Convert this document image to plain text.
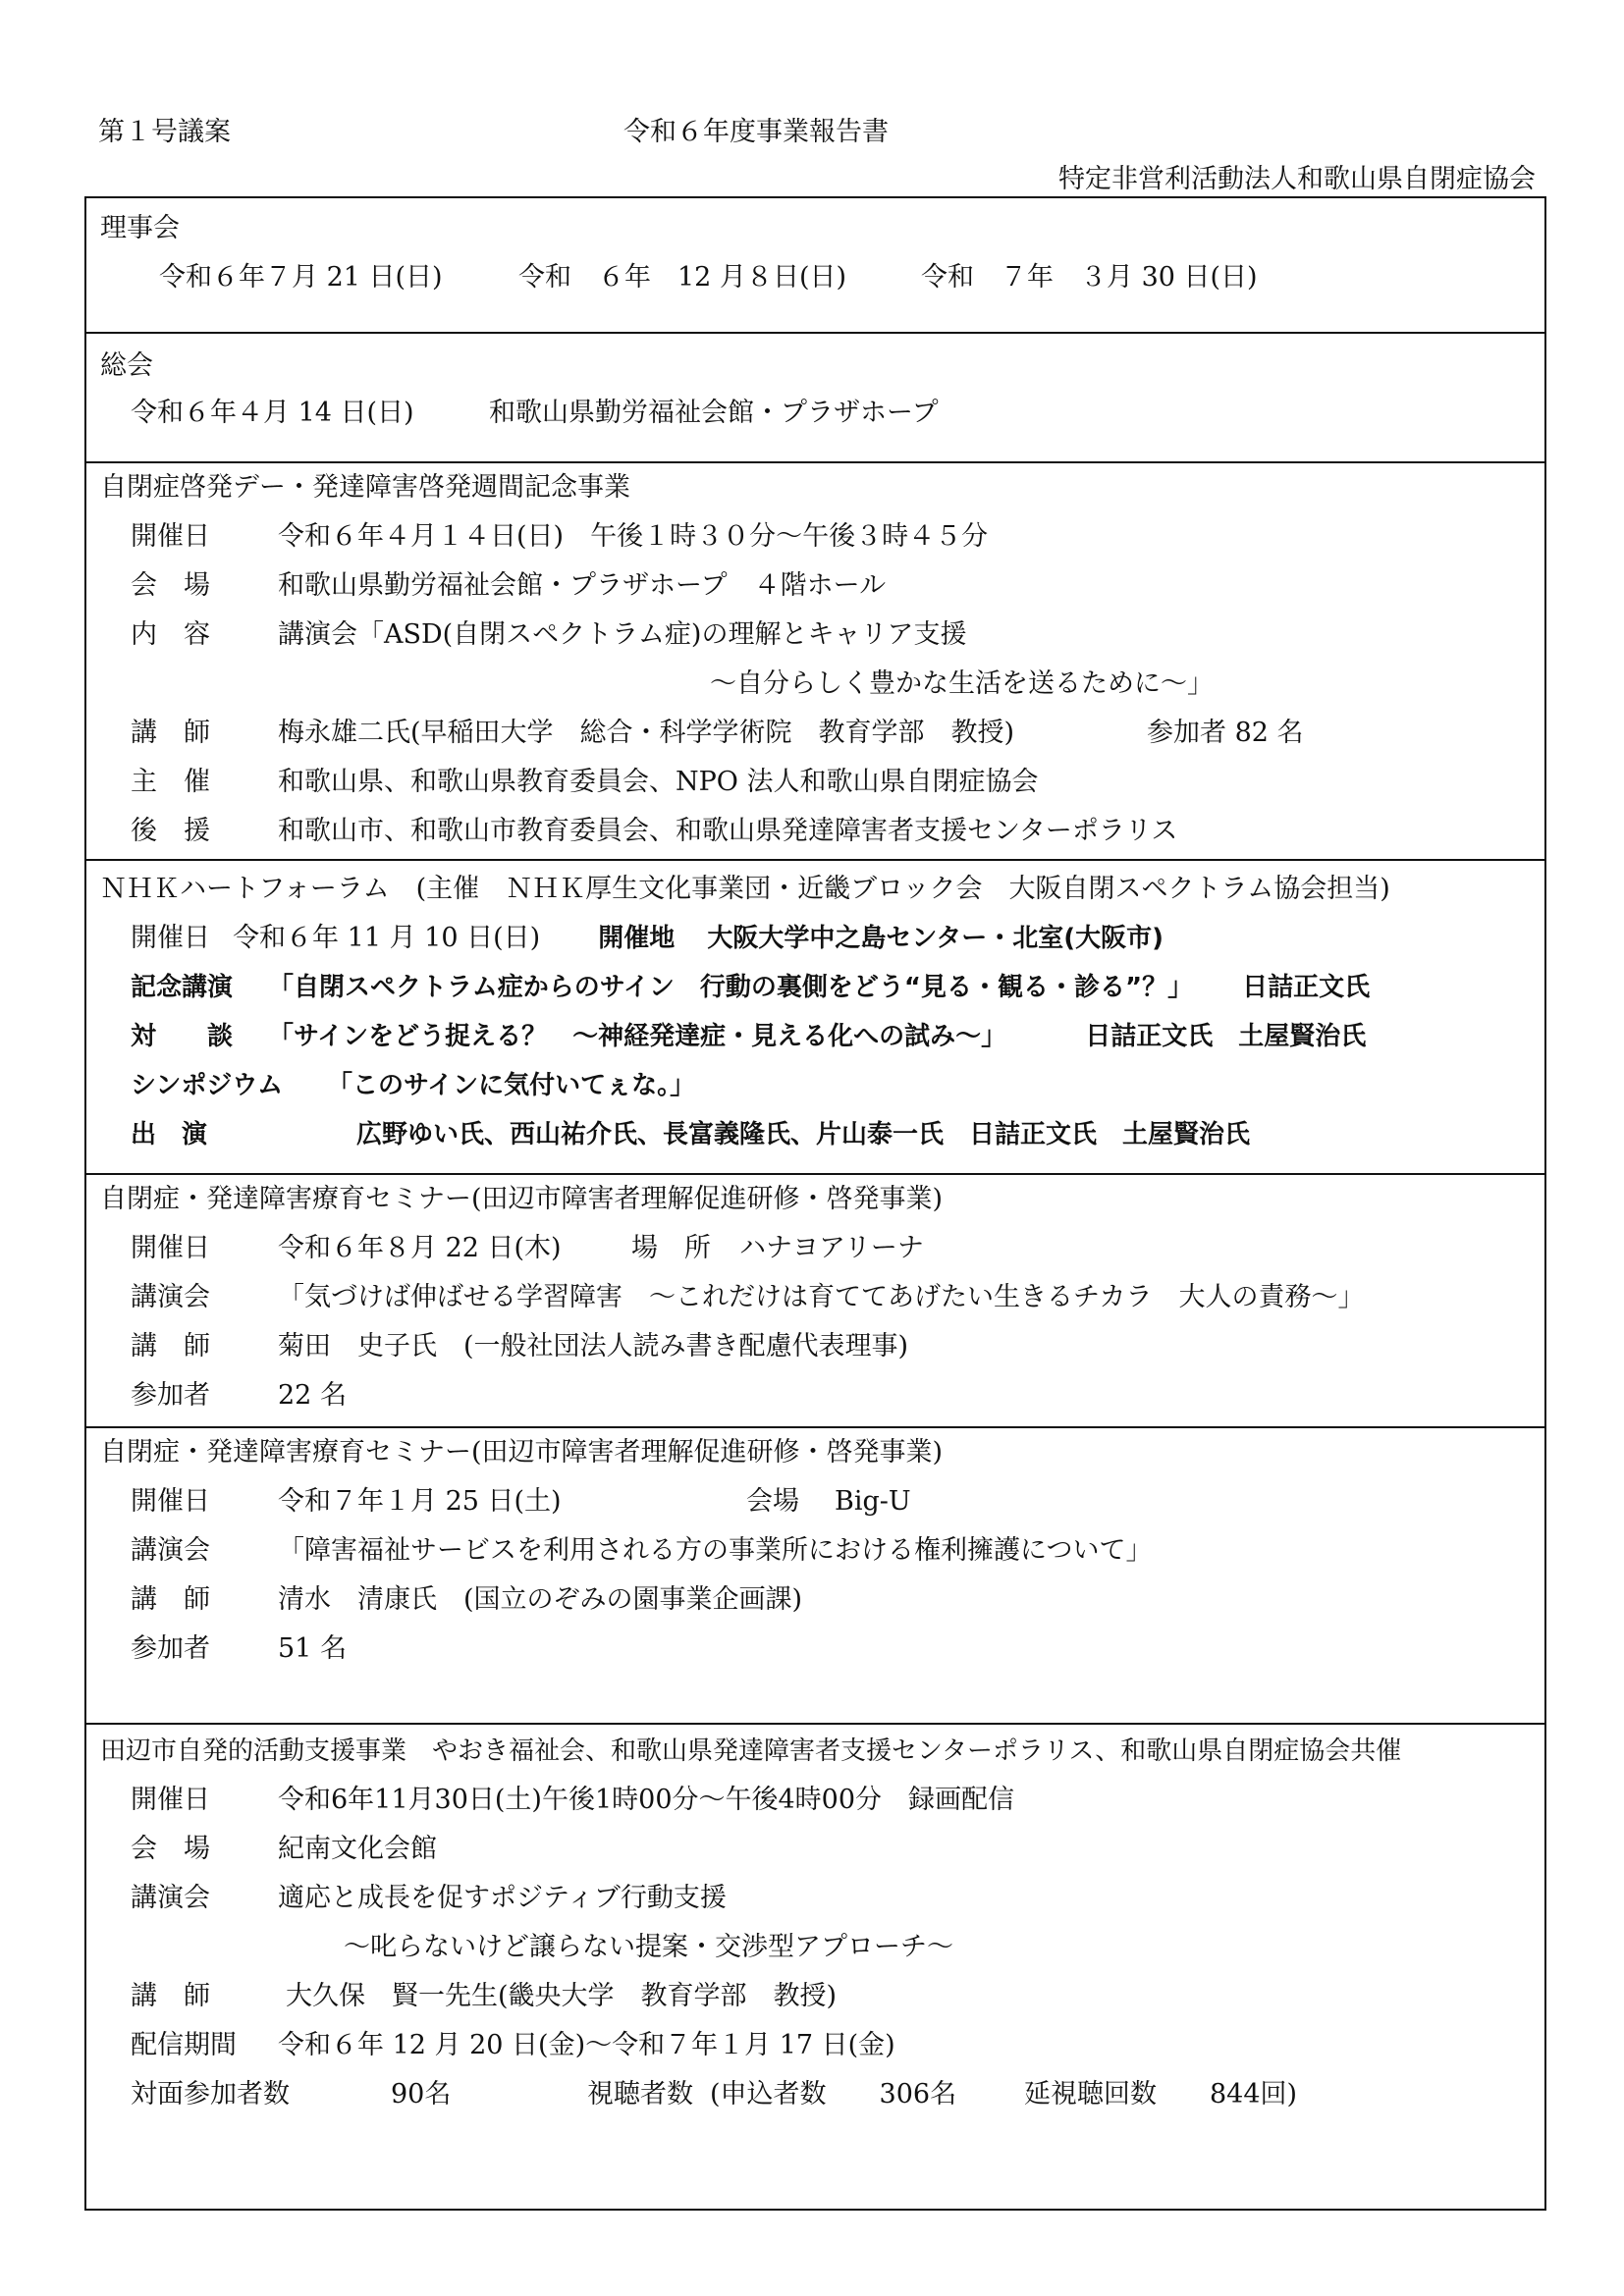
第１号議案	令和６年度事業報告書
特定非営利活動法人和歌山県自閉症協会
理事会
令和６年７月 21 日(日)	令和　６年　12 月８日(日)	令和　７年　３月 30 日(日)
総会
令和６年４月 14 日(日)	和歌山県勤労福祉会館・プラザホープ
自閉症啓発デー・発達障害啓発週間記念事業
開催日	令和６年４月１４日(日)　午後１時３０分～午後３時４５分
会　場	和歌山県勤労福祉会館・プラザホープ　４階ホール
内　容	講演会「ASD(自閉スペクトラム症)の理解とキャリア支援
～自分らしく豊かな生活を送るために～」
講　師	梅永雄二氏(早稲田大学　総合・科学学術院　教育学部　教授)	参加者 82 名
主　催	和歌山県、和歌山県教育委員会、NPO 法人和歌山県自閉症協会
後　援	和歌山市、和歌山市教育委員会、和歌山県発達障害者支援センターポラリス
ＮＨＫハートフォーラム　(主催　ＮＨＫ厚生文化事業団・近畿ブロック会　大阪自閉スペクトラム協会担当)
開催日 令和６年 11 月 10 日(日) 開催地 大阪大学中之島センター・北室(大阪市)
記念講演 「自閉スペクトラム症からのサイン　行動の裏側をどう“見る・観る・診る”？」 日詰正文氏
対　　談 「サインをどう捉える？　～神経発達症・見える化への試み～」	日詰正文氏　土屋賢治氏
シンポジウム 「このサインに気付いてぇな。」
出　演	広野ゆい氏、西山祐介氏、長富義隆氏、片山泰一氏　日詰正文氏　土屋賢治氏
自閉症・発達障害療育セミナー(田辺市障害者理解促進研修・啓発事業)
開催日	令和６年８月 22 日(木)	場　所 ハナヨアリーナ
講演会	「気づけば伸ばせる学習障害　～これだけは育ててあげたい生きるチカラ　大人の責務～」
講　師	菊田　史子氏　(一般社団法人読み書き配慮代表理事)
参加者	22 名
自閉症・発達障害療育セミナー(田辺市障害者理解促進研修・啓発事業)
開催日	令和７年１月 25 日(土)	会場 Big-U
講演会	「障害福祉サービスを利用される方の事業所における権利擁護について」
講　師	清水　清康氏　(国立のぞみの園事業企画課)
参加者	51 名
田辺市自発的活動支援事業　やおき福祉会、和歌山県発達障害者支援センターポラリス、和歌山県自閉症協会共催
開催日	令和6年11月30日(土)午後1時00分～午後4時00分　録画配信
会　場	紀南文化会館
講演会	適応と成長を促すポジティブ行動支援
～叱らないけど譲らない提案・交渉型アプローチ～
講　師	大久保　賢一先生(畿央大学　教育学部　教授)
配信期間 令和６年 12 月 20 日(金)～令和７年１月 17 日(金)
対面参加者数	90名	視聴者数 (申込者数　　306名	延視聴回数　　844回)
